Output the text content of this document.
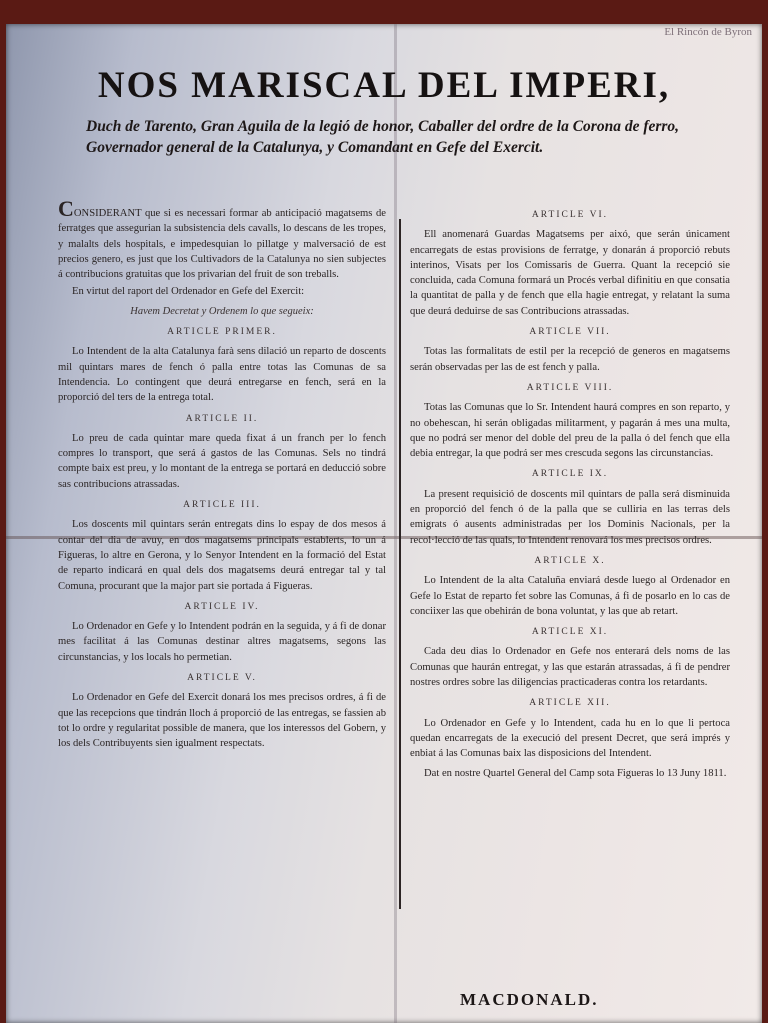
El Rincón de Byron
NOS MARISCAL DEL IMPERI,

Duch de Tarento, Gran Aguila de la legió de honor, Caballer del ordre de la Corona de ferro, Governador general de la Catalunya, y Comandant en Gefe del Exercit.

CONSIDERANT que si es necessari formar ab anticipació magatsems de ferratges que assegurian la subsistencia dels cavalls, lo descans de les tropes, y malalts dels hospitals, e impedesquian lo pillatge y malversació de est precios genero, es just que los Cultivadors de la Catalunya no sien subjectes á contribucions gratuitas que los privarian del fruit de son treballs.

En virtut del raport del Ordenador en Gefe del Exercit:

Havem Decretat y Ordenem lo que segueix:

ARTICLE PRIMER.

Lo Intendent de la alta Catalunya farà sens dilació un reparto de doscents mil quintars mares de fench ó palla entre totas las Comunas de sa Intendencia. Lo contingent que deurá entregarse en fench, será en la proporció del ters de la entrega total.

ARTICLE II.

Lo preu de cada quintar mare queda fixat á un franch per lo fench compres lo transport, que será á gastos de las Comunas. Sels no tindrá compte baix est preu, y lo montant de la entrega se portará en deducció sobre sas contribucions atrassadas.

ARTICLE III.

Los doscents mil quintars serán entregats dins lo espay de dos mesos á contar del dia de avuy, en dos magatsems principals establerts, lo un á Figueras, lo altre en Gerona, y lo Senyor Intendent en la formació del Estat de reparto indicará en qual dels dos magatsems deurá entregar tal y tal Comuna, procurant que la major part sie portada á Figueras.

ARTICLE IV.

Lo Ordenador en Gefe y lo Intendent podrán en la seguida, y á fi de donar mes facilitat á las Comunas destinar altres magatsems, segons las circunstancias, y los locals ho permetian.

ARTICLE V.

Lo Ordenador en Gefe del Exercit donará los mes precisos ordres, á fi de que las recepcions que tindrán lloch á proporció de las entregas, se fassien ab tot lo ordre y regularitat possible de manera, que los interessos del Gobern, y los dels Contribuyents sien igualment respectats.

ARTICLE VI.

Ell anomenará Guardas Magatsems per aixó, que serán únicament encarregats de estas provisions de ferratge, y donarán á proporció rebuts interinos, Visats per los Comissaris de Guerra. Quant la recepció sie concluida, cada Comuna formará un Procés verbal difinitiu en que consatia la quantitat de palla y de fench que ella hagie entregat, y relatant la suma que deurá deduirse de sas Contribucions atrassadas.

ARTICLE VII.

Totas las formalitats de estil per la recepció de generos en magatsems serán observadas per las de est fench y palla.

ARTICLE VIII.

Totas las Comunas que lo Sr. Intendent haurá compres en son reparto, y no obehescan, hi serán obligadas militarment, y pagarán á mes una multa, que no podrá ser menor del doble del preu de la palla ó del fench que ella debia entregar, la que podrá ser mes crescuda segons las circunstancias.

ARTICLE IX.

La present requisició de doscents mil quintars de palla será disminuida en proporció del fench ó de la palla que se culliria en las terras dels emigrats ó ausents administradas per los Dominis Nacionals, per la recol·lecció de las quals, lo Intendent renovará los mes precisos ordres.

ARTICLE X.

Lo Intendent de la alta Cataluña enviará desde luego al Ordenador en Gefe lo Estat de reparto fet sobre las Comunas, á fi de posarlo en lo cas de conciixer las que obehirán de bona voluntat, y las que ab retart.

ARTICLE XI.

Cada deu dias lo Ordenador en Gefe nos enterará dels noms de las Comunas que haurán entregat, y las que estarán atrassadas, á fi de pendrer nostres ordres sobre las diligencias practicaderas contra los retardants.

ARTICLE XII.

Lo Ordenador en Gefe y lo Intendent, cada hu en lo que li pertoca quedan encarregats de la execució del present Decret, que será imprés y enbiat á las Comunas baix las disposicions del Intendent.

Dat en nostre Quartel General del Camp sota Figueras lo 13 Juny 1811.

MACDONALD.
